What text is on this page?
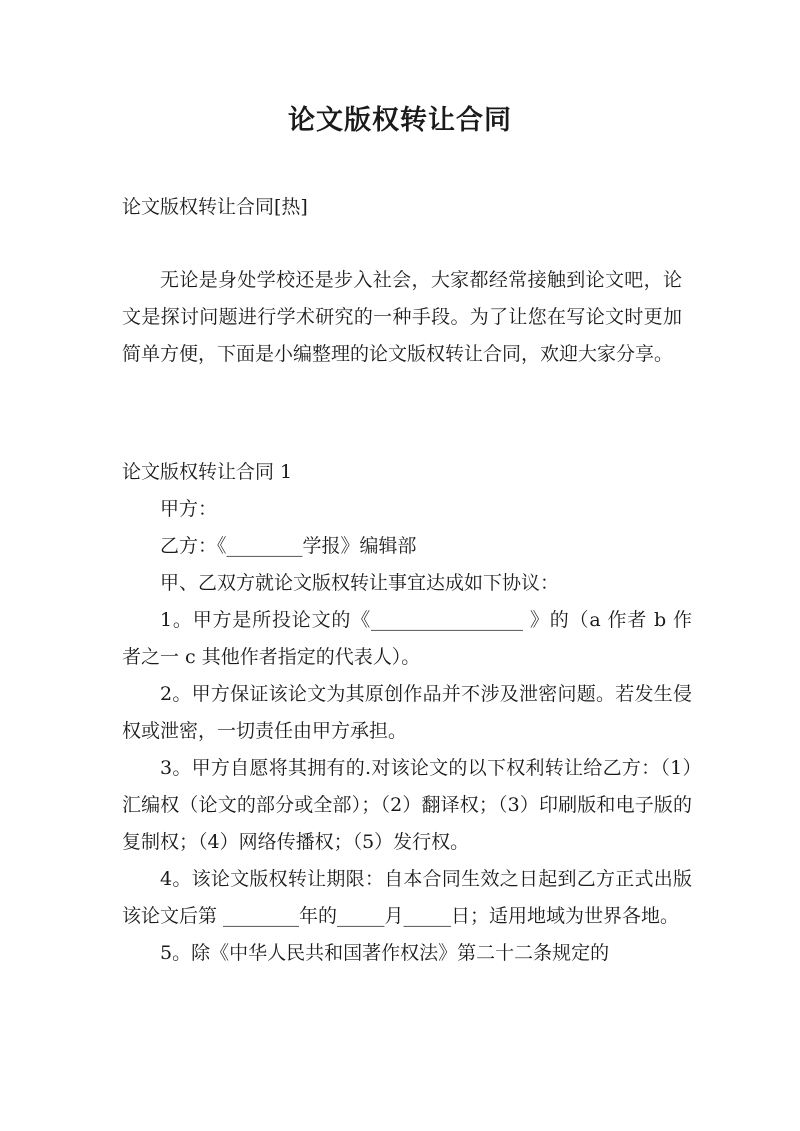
论文版权转让合同

论文版权转让合同[热]

无论是身处学校还是步入社会，大家都经常接触到论文吧，论文是探讨问题进行学术研究的一种手段。为了让您在写论文时更加简单方便，下面是小编整理的论文版权转让合同，欢迎大家分享。

论文版权转让合同 1

甲方：

乙方：《________学报》编辑部

甲、乙双方就论文版权转让事宜达成如下协议：

1。甲方是所投论文的《________________ 》的（a 作者 b 作者之一 c 其他作者指定的代表人）。

2。甲方保证该论文为其原创作品并不涉及泄密问题。若发生侵权或泄密，一切责任由甲方承担。

3。甲方自愿将其拥有的.对该论文的以下权利转让给乙方：（1）汇编权（论文的部分或全部）；（2）翻译权；（3）印刷版和电子版的复制权；（4）网络传播权；（5）发行权。

4。该论文版权转让期限：自本合同生效之日起到乙方正式出版该论文后第 ________年的_____月_____日；适用地域为世界各地。

5。除《中华人民共和国著作权法》第二十二条规定的
